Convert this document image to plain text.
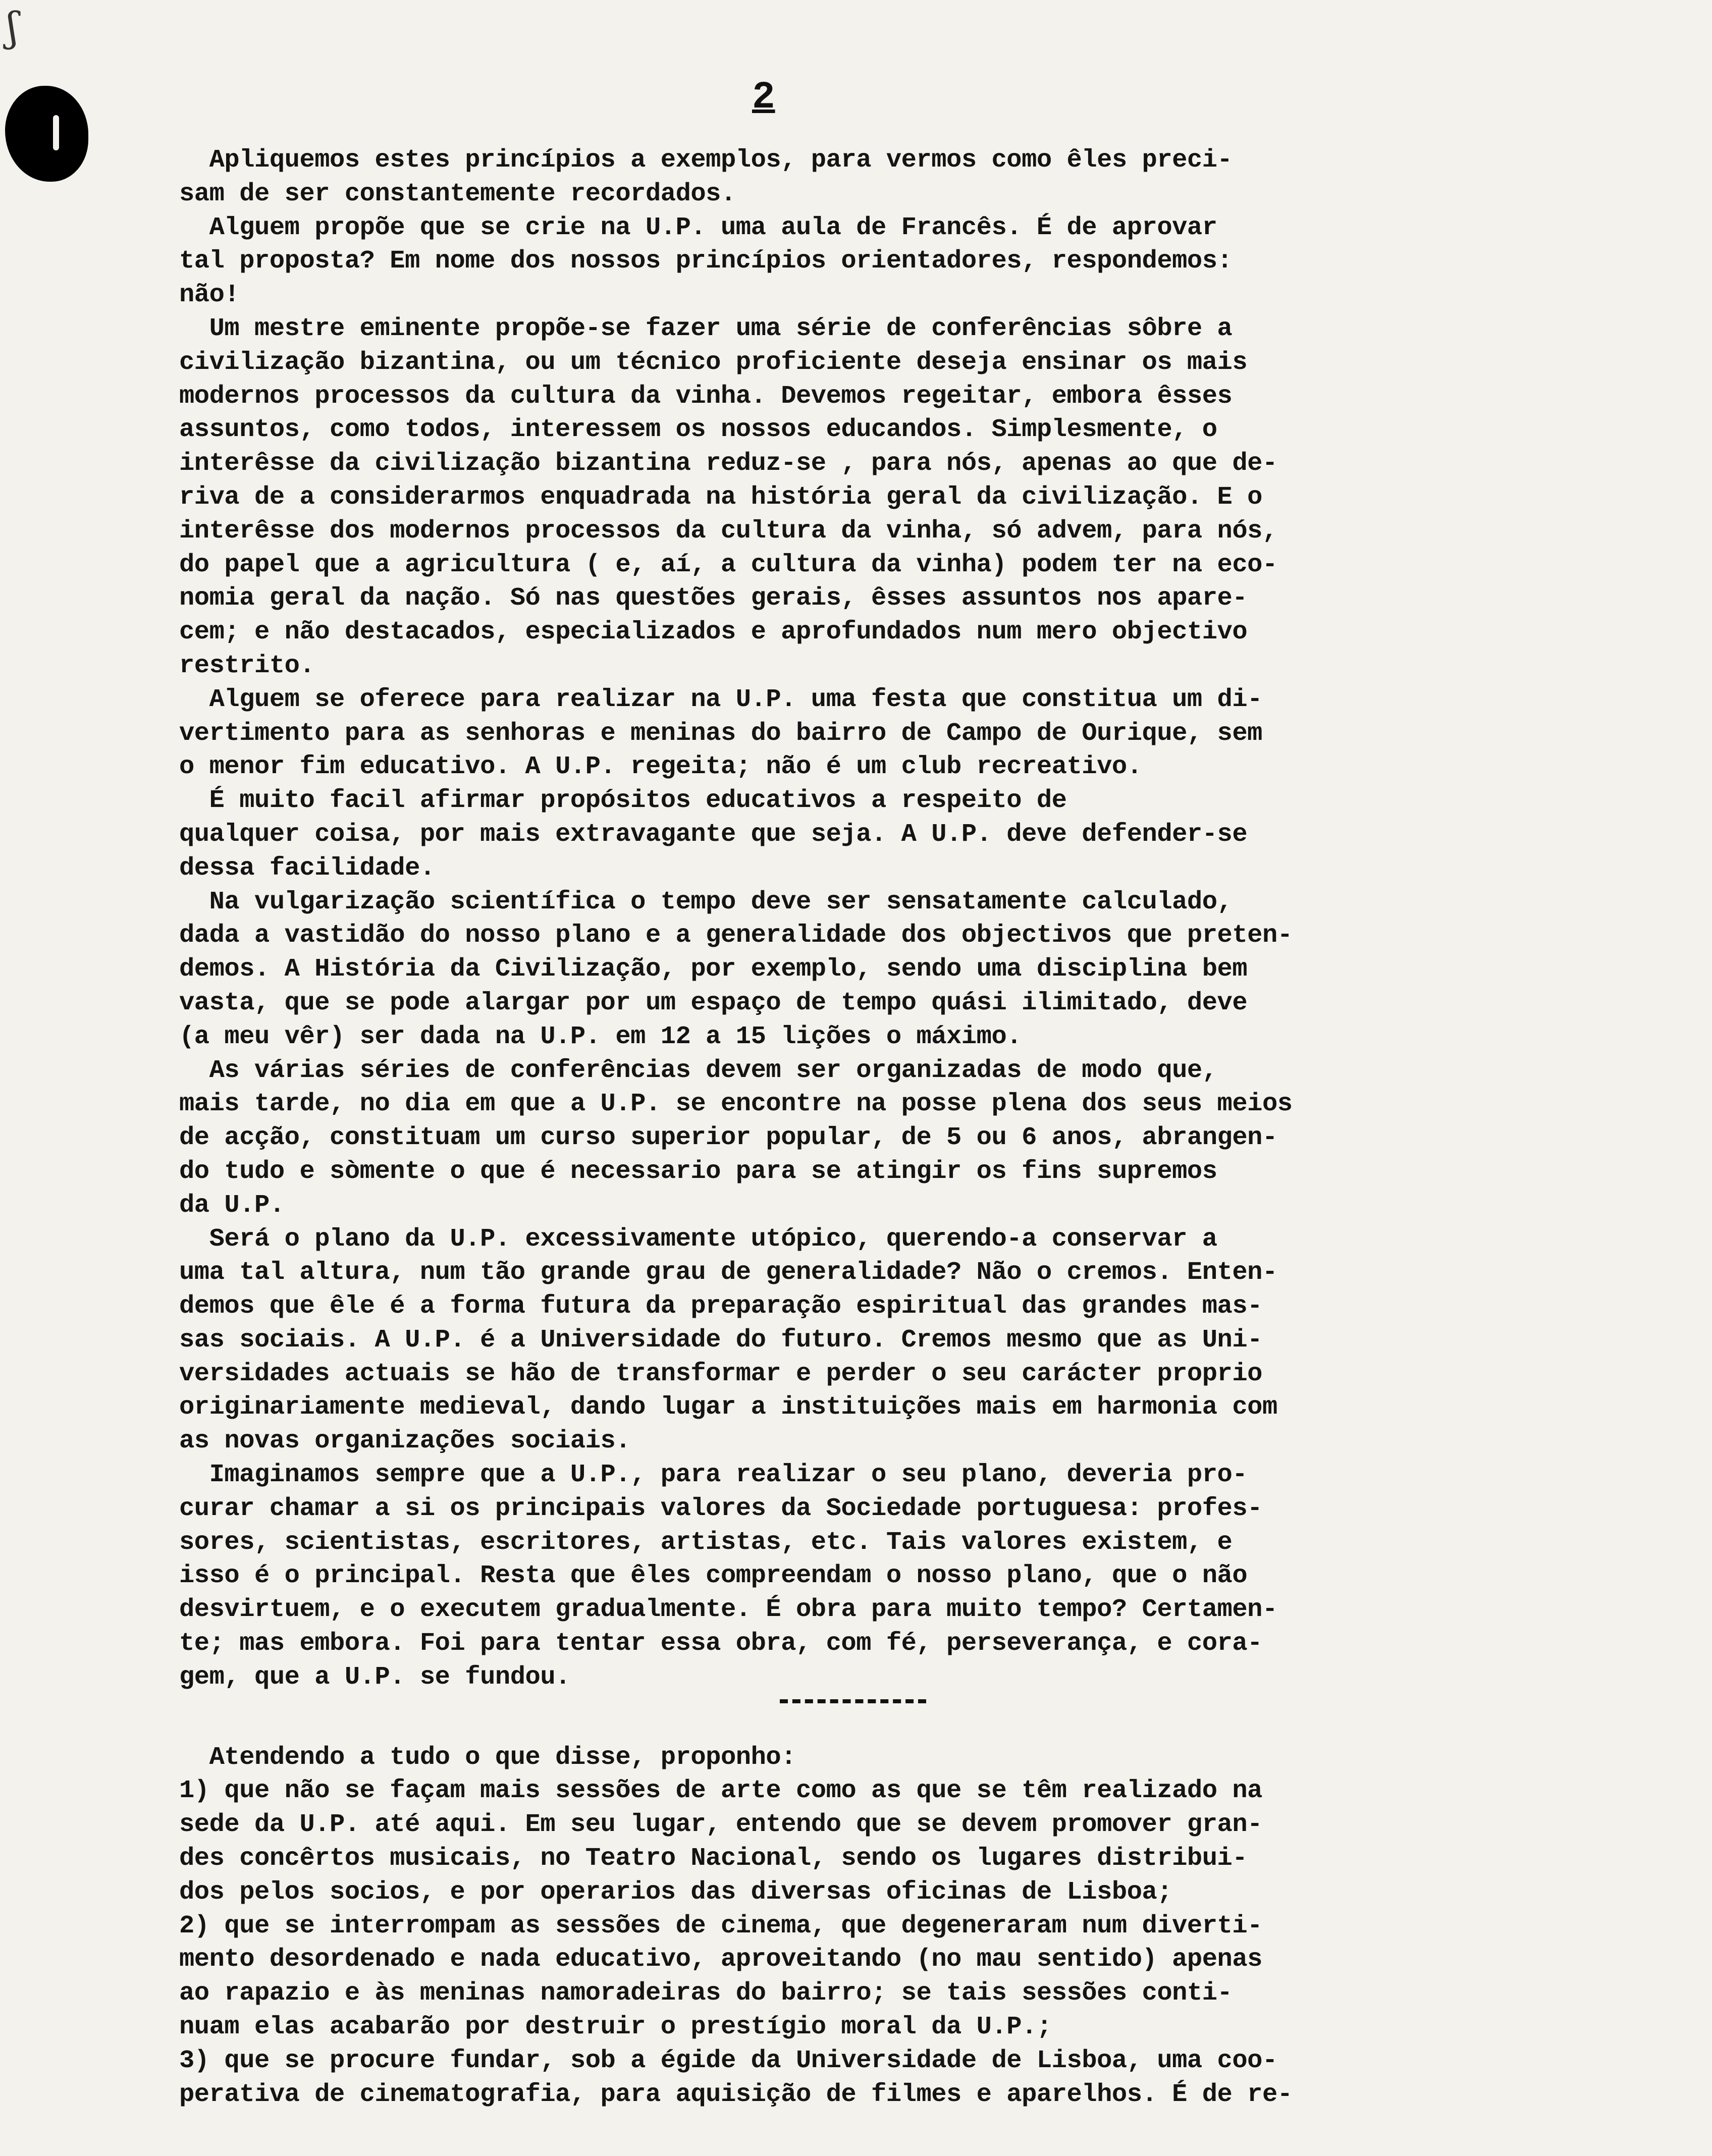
ʃ
2
Apliquemos estes princípios a exemplos, para vermos como êles preci-
sam de ser constantemente recordados.
Alguem propõe que se crie na U.P. uma aula de Francês. É de aprovar
tal proposta? Em nome dos nossos princípios orientadores, respondemos:
não!
Um mestre eminente propõe-se fazer uma série de conferências sôbre a
civilização bizantina, ou um técnico proficiente deseja ensinar os mais
modernos processos da cultura da vinha. Devemos regeitar, embora êsses
assuntos, como todos, interessem os nossos educandos. Simplesmente, o
interêsse da civilização bizantina reduz-se , para nós, apenas ao que de-
riva de a considerarmos enquadrada na história geral da civilização. E o
interêsse dos modernos processos da cultura da vinha, só advem, para nós,
do papel que a agricultura ( e, aí, a cultura da vinha) podem ter na eco-
nomia geral da nação. Só nas questões gerais, êsses assuntos nos apare-
cem; e não destacados, especializados e aprofundados num mero objectivo
restrito.
Alguem se oferece para realizar na U.P. uma festa que constitua um di-
vertimento para as senhoras e meninas do bairro de Campo de Ourique, sem
o menor fim educativo. A U.P. regeita; não é um club recreativo.
É muito facil afirmar propósitos educativos a respeito de
qualquer coisa, por mais extravagante que seja. A U.P. deve defender-se
dessa facilidade.
Na vulgarização scientífica o tempo deve ser sensatamente calculado,
dada a vastidão do nosso plano e a generalidade dos objectivos que preten-
demos. A História da Civilização, por exemplo, sendo uma disciplina bem
vasta, que se pode alargar por um espaço de tempo quási ilimitado, deve
(a meu vêr) ser dada na U.P. em 12 a 15 lições o máximo.
As várias séries de conferências devem ser organizadas de modo que,
mais tarde, no dia em que a U.P. se encontre na posse plena dos seus meios
de acção, constituam um curso superior popular, de 5 ou 6 anos, abrangen-
do tudo e sòmente o que é necessario para se atingir os fins supremos
da U.P.
Será o plano da U.P. excessivamente utópico, querendo-a conservar a
uma tal altura, num tão grande grau de generalidade? Não o cremos. Enten-
demos que êle é a forma futura da preparação espiritual das grandes mas-
sas sociais. A U.P. é a Universidade do futuro. Cremos mesmo que as Uni-
versidades actuais se hão de transformar e perder o seu carácter proprio
originariamente medieval, dando lugar a instituições mais em harmonia com
as novas organizações sociais.
Imaginamos sempre que a U.P., para realizar o seu plano, deveria pro-
curar chamar a si os principais valores da Sociedade portuguesa: profes-
sores, scientistas, escritores, artistas, etc. Tais valores existem, e
isso é o principal. Resta que êles compreendam o nosso plano, que o não
desvirtuem, e o executem gradualmente. É obra para muito tempo? Certamen-
te; mas embora. Foi para tentar essa obra, com fé, perseverança, e cora-
gem, que a U.P. se fundou.
Atendendo a tudo o que disse, proponho:
1) que não se façam mais sessões de arte como as que se têm realizado na
sede da U.P. até aqui. Em seu lugar, entendo que se devem promover gran-
des concêrtos musicais, no Teatro Nacional, sendo os lugares distribui-
dos pelos socios, e por operarios das diversas oficinas de Lisboa;
2) que se interrompam as sessões de cinema, que degeneraram num diverti-
mento desordenado e nada educativo, aproveitando (no mau sentido) apenas
ao rapazio e às meninas namoradeiras do bairro; se tais sessões conti-
nuam elas acabarão por destruir o prestígio moral da U.P.;
3) que se procure fundar, sob a égide da Universidade de Lisboa, uma coo-
perativa de cinematografia, para aquisição de filmes e aparelhos. É de re-
